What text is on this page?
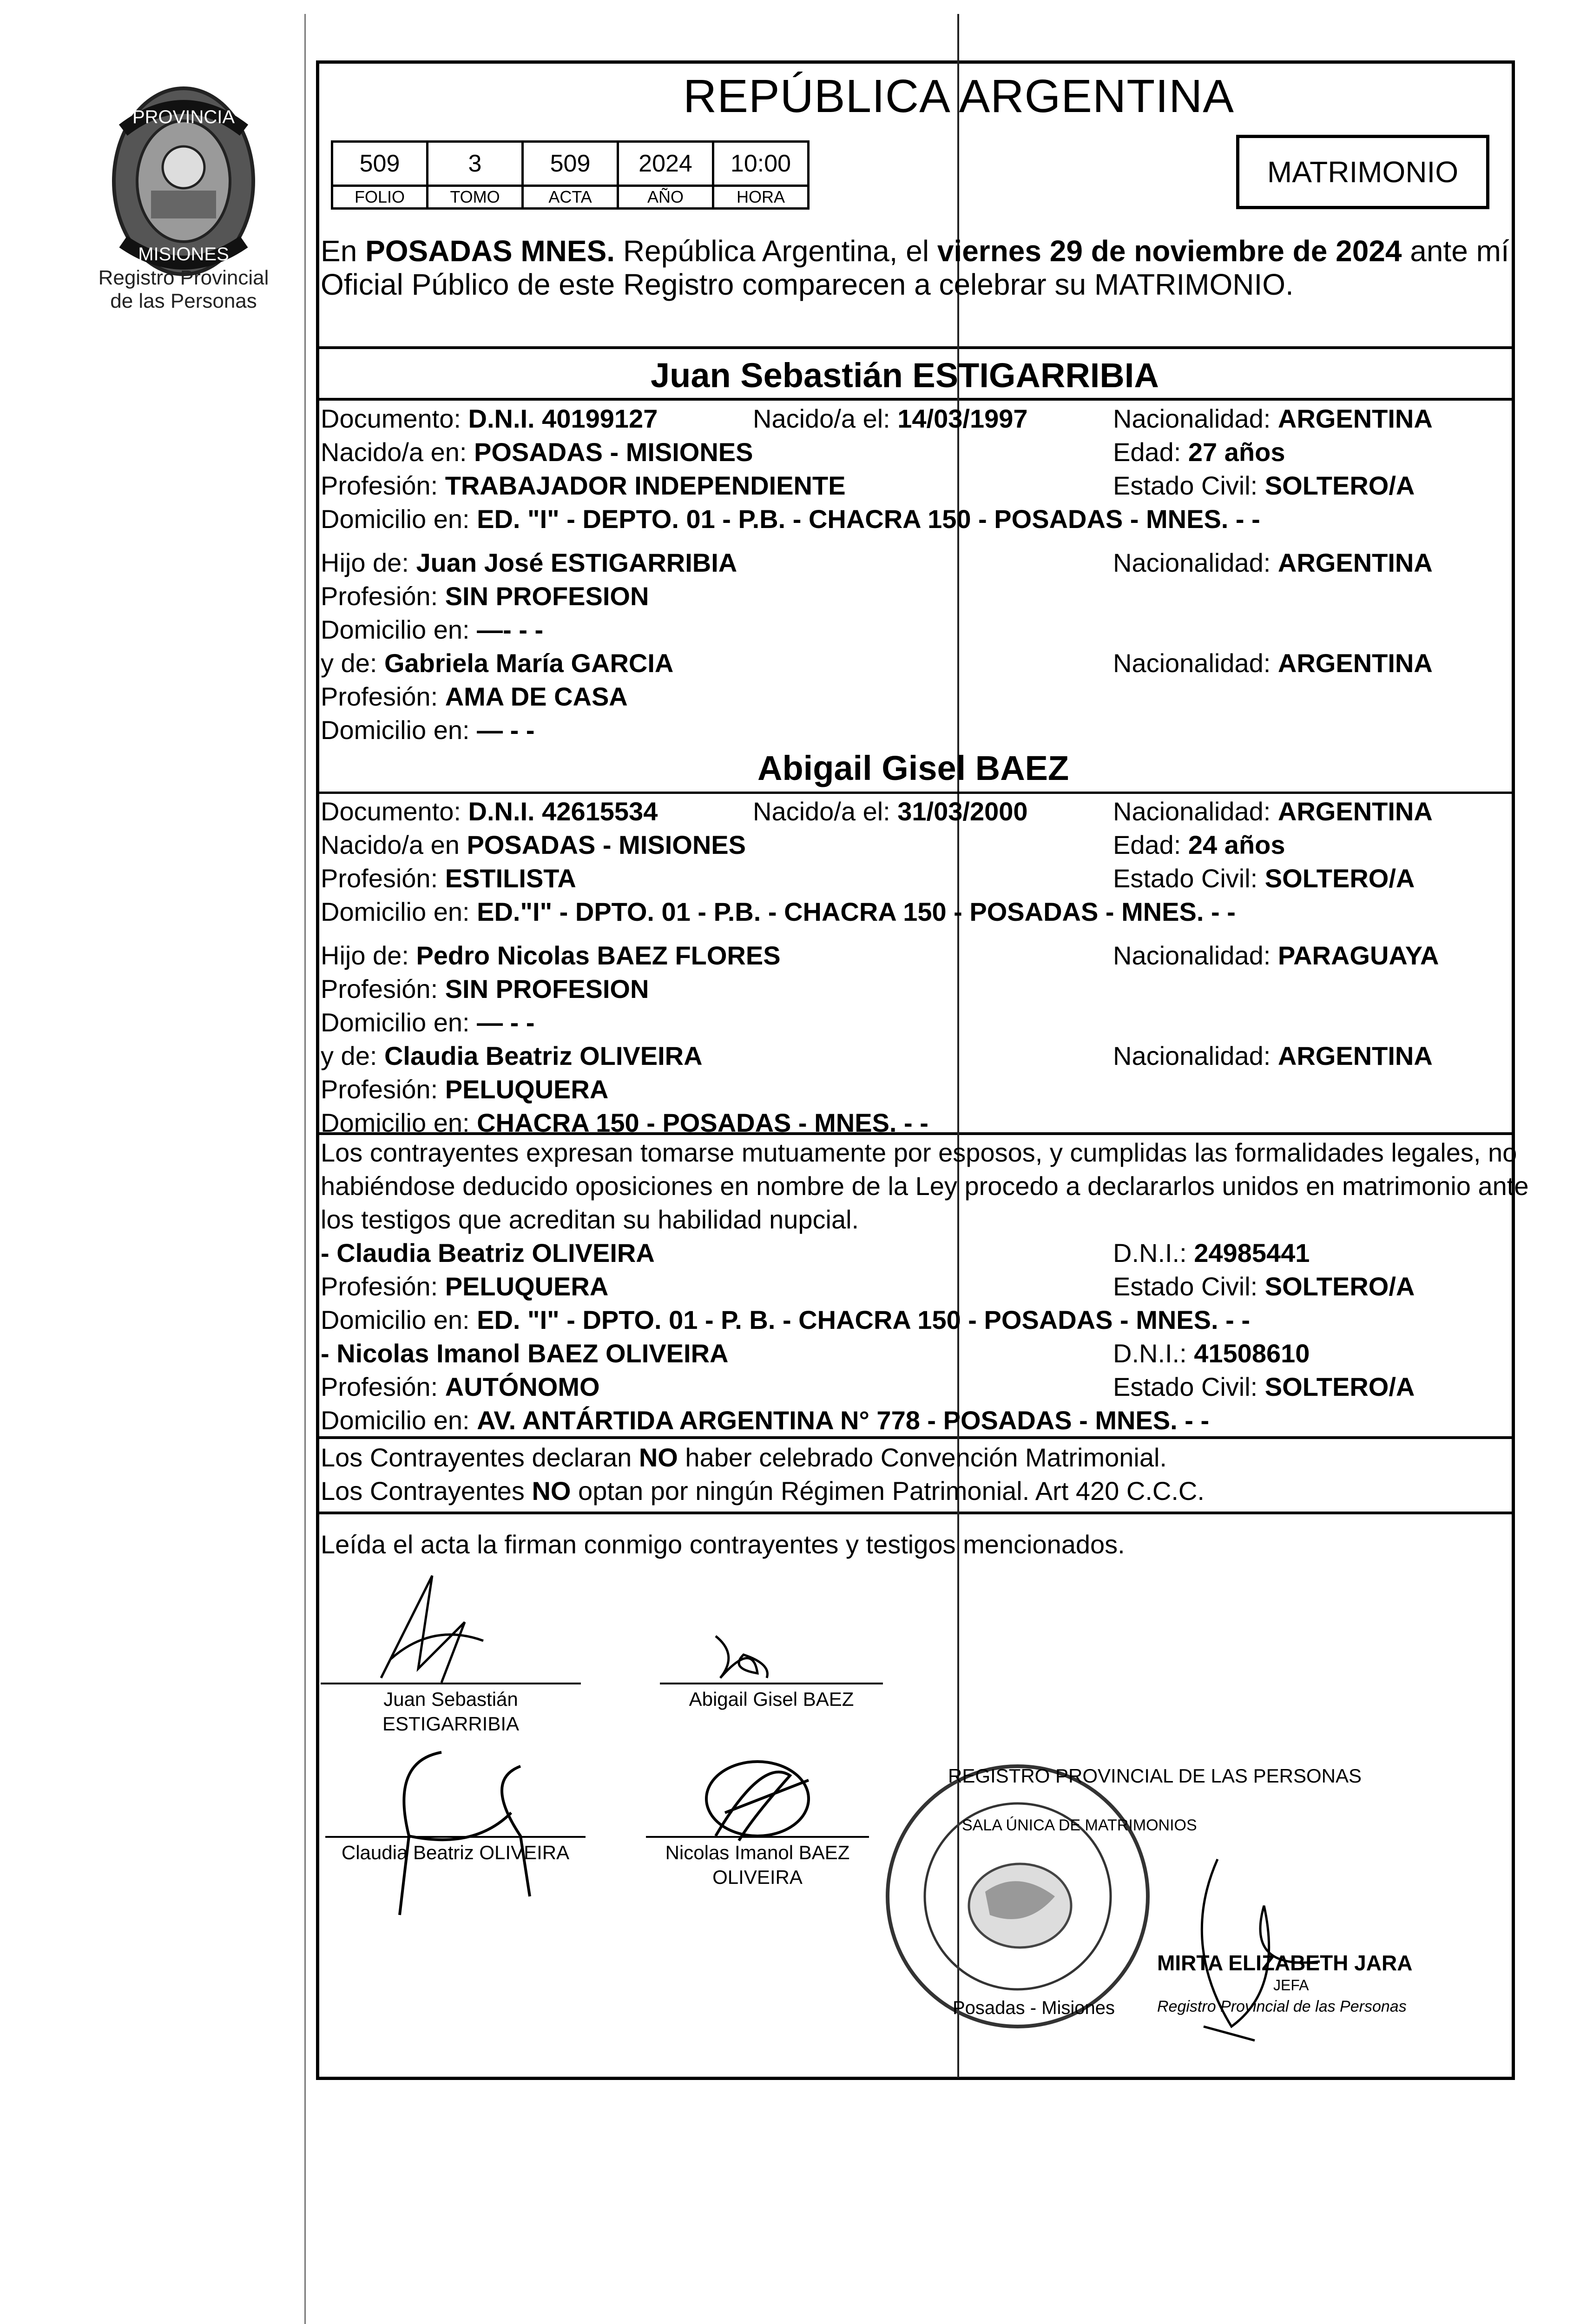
PROVINCIA
MISIONES
Registro Provincial
de las Personas
REPÚBLICA ARGENTINA
509	3	509	2024	10:00
FOLIO	TOMO	ACTA	AÑO	HORA
MATRIMONIO
En POSADAS MNES. República Argentina, el viernes 29 de noviembre de 2024 ante mí,
Oficial Público de este Registro comparecen a celebrar su MATRIMONIO.
Juan Sebastián ESTIGARRIBIA
Documento: D.N.I. 40199127	Nacido/a el: 14/03/1997	Nacionalidad: ARGENTINA
Nacido/a en: POSADAS - MISIONES	Edad: 27 años
Profesión: TRABAJADOR INDEPENDIENTE	Estado Civil: SOLTERO/A
Domicilio en: ED. "I" - DEPTO. 01 - P.B. - CHACRA 150 - POSADAS - MNES. - -
Hijo de: Juan José ESTIGARRIBIA	Nacionalidad: ARGENTINA
Profesión: SIN PROFESION
Domicilio en: —- - -
y de: Gabriela María GARCIA	Nacionalidad: ARGENTINA
Profesión: AMA DE CASA
Domicilio en: — - -
Abigail Gisel BAEZ
Documento: D.N.I. 42615534	Nacido/a el: 31/03/2000	Nacionalidad: ARGENTINA
Nacido/a en POSADAS - MISIONES	Edad: 24 años
Profesión: ESTILISTA	Estado Civil: SOLTERO/A
Domicilio en: ED."I" - DPTO. 01 - P.B. - CHACRA 150 - POSADAS - MNES. - -
Hijo de: Pedro Nicolas BAEZ FLORES	Nacionalidad: PARAGUAYA
Profesión: SIN PROFESION
Domicilio en: — - -
y de: Claudia Beatriz OLIVEIRA	Nacionalidad: ARGENTINA
Profesión: PELUQUERA
Domicilio en: CHACRA 150 - POSADAS - MNES. - -
Los contrayentes expresan tomarse mutuamente por esposos, y cumplidas las formalidades legales, no
habiéndose deducido oposiciones en nombre de la Ley procedo a declararlos unidos en matrimonio ante
los testigos que acreditan su habilidad nupcial.
- Claudia Beatriz OLIVEIRA	D.N.I.: 24985441
Profesión: PELUQUERA	Estado Civil: SOLTERO/A
Domicilio en: ED. "I" - DPTO. 01 - P. B. - CHACRA 150 - POSADAS - MNES. - -
- Nicolas Imanol BAEZ OLIVEIRA	D.N.I.: 41508610
Profesión: AUTÓNOMO	Estado Civil: SOLTERO/A
Domicilio en: AV. ANTÁRTIDA ARGENTINA N° 778 - POSADAS - MNES. - -
Los Contrayentes declaran NO haber celebrado Convención Matrimonial.
Los Contrayentes NO optan por ningún Régimen Patrimonial. Art 420 C.C.C.
Leída el acta la firman conmigo contrayentes y testigos mencionados.
Juan Sebastián
ESTIGARRIBIA
Abigail Gisel BAEZ
Claudia Beatriz OLIVEIRA	Nicolas Imanol BAEZ
OLIVEIRA
REGISTRO PROVINCIAL DE LAS PERSONAS
SALA ÚNICA DE MATRIMONIOS
Posadas - Misiones
MIRTA ELIZABETH JARA
JEFA
Registro Provincial de las Personas
